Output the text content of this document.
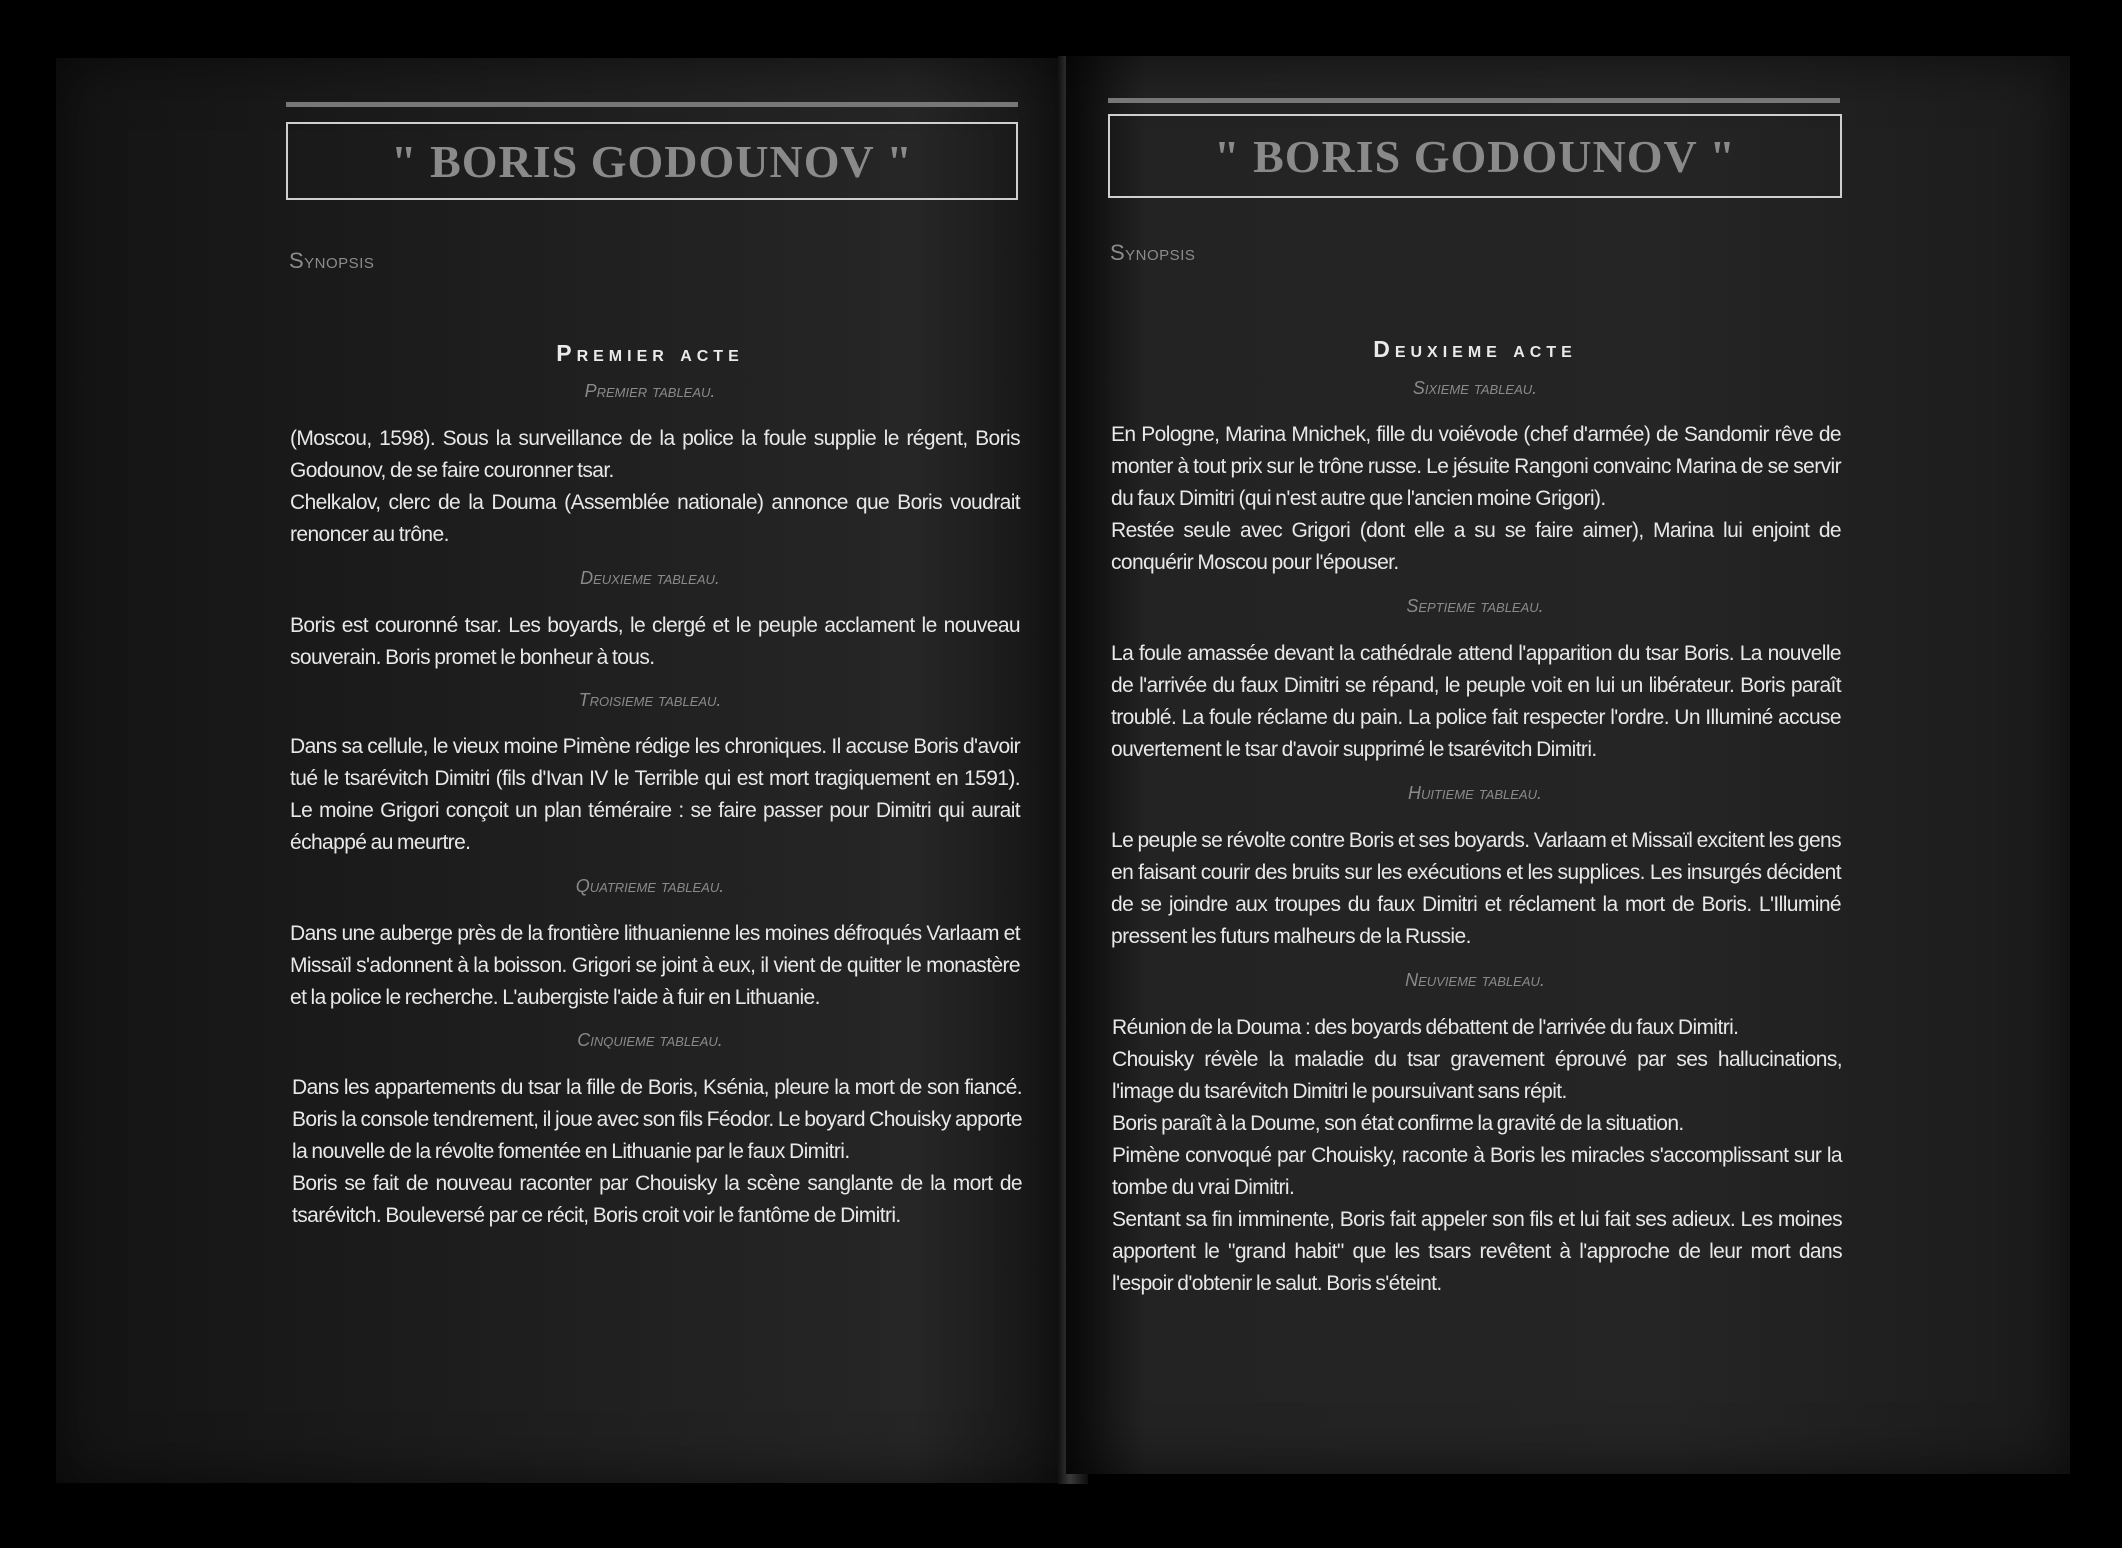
" BORIS GODOUNOV "
Synopsis
Premier acte
Premier tableau.

(Moscou, 1598). Sous la surveillance de la police la foule supplie le régent, Boris Godounov, de se faire couronner tsar.

Chelkalov, clerc de la Douma (Assemblée nationale) annonce que Boris voudrait renoncer au trône.

Deuxieme tableau.

Boris est couronné tsar. Les boyards, le clergé et le peuple acclament le nouveau souverain. Boris promet le bonheur à tous.

Troisieme tableau.

Dans sa cellule, le vieux moine Pimène rédige les chroniques. Il accuse Boris d'avoir tué le tsarévitch Dimitri (fils d'Ivan IV le Terrible qui est mort tragiquement en 1591). Le moine Grigori conçoit un plan téméraire : se faire passer pour Dimitri qui aurait échappé au meurtre.

Quatrieme tableau.

Dans une auberge près de la frontière lithuanienne les moines défroqués Varlaam et Missaïl s'adonnent à la boisson. Grigori se joint à eux, il vient de quitter le monastère et la police le recherche. L'aubergiste l'aide à fuir en Lithuanie.

Cinquieme tableau.

Dans les appartements du tsar la fille de Boris, Ksénia, pleure la mort de son fiancé. Boris la console tendrement, il joue avec son fils Féodor. Le boyard Chouisky apporte la nouvelle de la révolte fomentée en Lithuanie par le faux Dimitri.

Boris se fait de nouveau raconter par Chouisky la scène sanglante de la mort de tsarévitch. Bouleversé par ce récit, Boris croit voir le fantôme de Dimitri.

" BORIS GODOUNOV "
Synopsis
Deuxieme acte
Sixieme tableau.

En Pologne, Marina Mnichek, fille du voiévode (chef d'armée) de Sandomir rêve de monter à tout prix sur le trône russe. Le jésuite Rangoni convainc Marina de se servir du faux Dimitri (qui n'est autre que l'ancien moine Grigori).

Restée seule avec Grigori (dont elle a su se faire aimer), Marina lui enjoint de conquérir Moscou pour l'épouser.

Septieme tableau.

La foule amassée devant la cathédrale attend l'apparition du tsar Boris. La nouvelle de l'arrivée du faux Dimitri se répand, le peuple voit en lui un libérateur. Boris paraît troublé. La foule réclame du pain. La police fait respecter l'ordre. Un Illuminé accuse ouvertement le tsar d'avoir supprimé le tsarévitch Dimitri.

Huitieme tableau.

Le peuple se révolte contre Boris et ses boyards. Varlaam et Missaïl excitent les gens en faisant courir des bruits sur les exécutions et les supplices. Les insurgés décident de se joindre aux troupes du faux Dimitri et réclament la mort de Boris. L'Illuminé pressent les futurs malheurs de la Russie.

Neuvieme tableau.

Réunion de la Douma : des boyards débattent de l'arrivée du faux Dimitri.

Chouisky révèle la maladie du tsar gravement éprouvé par ses hallucinations, l'image du tsarévitch Dimitri le poursuivant sans répit.

Boris paraît à la Doume, son état confirme la gravité de la situation.

Pimène convoqué par Chouisky, raconte à Boris les miracles s'accomplissant sur la tombe du vrai Dimitri.

Sentant sa fin imminente, Boris fait appeler son fils et lui fait ses adieux. Les moines apportent le "grand habit" que les tsars revêtent à l'approche de leur mort dans l'espoir d'obtenir le salut. Boris s'éteint.
